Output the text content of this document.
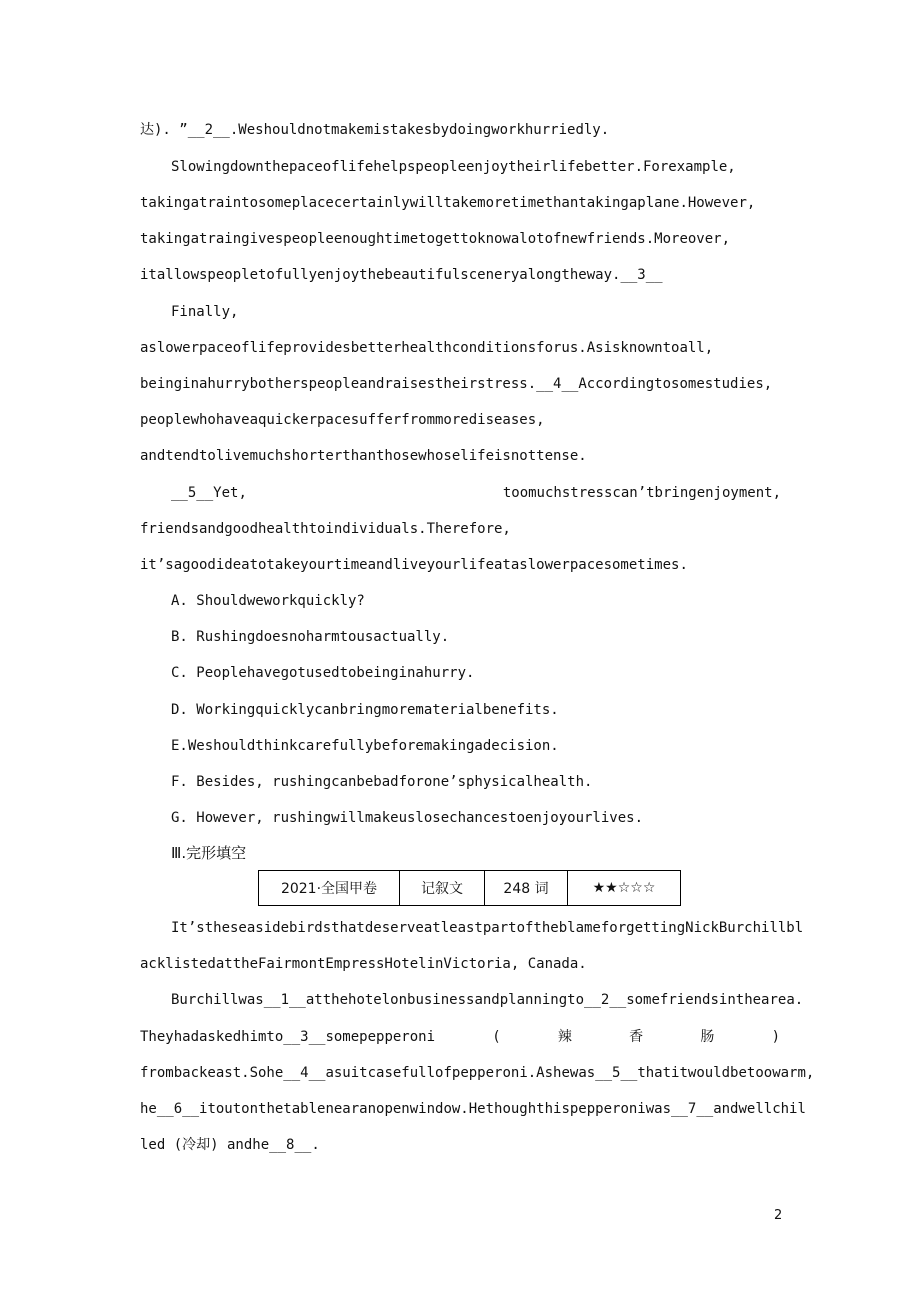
达). ”__2__.Weshouldnotmakemistakesbydoingworkhurriedly.
Slowingdownthepaceoflifehelpspeopleenjoytheirlifebetter.Forexample,
takingatraintosomeplacecertainlywilltakemoretimethantakingaplane.However,
takingatraingivespeopleenoughtimetogettoknowalotofnewfriends.Moreover,
itallowspeopletofullyenjoythebeautifulsceneryalongtheway.__3__
Finally,
aslowerpaceoflifeprovidesbetterhealthconditionsforus.Asisknowntoall,
beinginahurrybotherspeopleandraisestheirstress.__4__Accordingtosomestudies,
peoplewhohaveaquickerpacesufferfrommorediseases,
andtendtolivemuchshorterthanthosewhoselifeisnottense.
__5__Yet,	toomuchstresscan’tbringenjoyment,
friendsandgoodhealthtoindividuals.Therefore,
it’sagoodideatotakeyourtimeandliveyourlifeataslowerpacesometimes.
A. Shouldweworkquickly?
B. Rushingdoesnoharmtousactually.
C. Peoplehavegotusedtobeinginahurry.
D. Workingquicklycanbringmorematerialbenefits.
E.Weshouldthinkcarefullybeforemakingadecision.
F. Besides, rushingcanbebadforone’sphysicalhealth.
G. However, rushingwillmakeuslosechancestoenjoyourlives.
Ⅲ.完形填空
2021·全国甲卷	记叙文	248 词	★★☆☆☆
It’stheseasidebirdsthatdeserveatleastpartoftheblameforgettingNickBurchillbl
acklistedattheFairmontEmpressHotelinVictoria, Canada.
Burchillwas__1__atthehotelonbusinessandplanningto__2__somefriendsinthearea.
Theyhadaskedhimto__3__somepepperoni	(	辣	香	肠	)
frombackeast.Sohe__4__asuitcasefullofpepperoni.Ashewas__5__thatitwouldbetoowarm,
he__6__itoutonthetablenearanopenwindow.Hethoughthispepperoniwas__7__andwellchil
led (冷却) andhe__8__.
2
